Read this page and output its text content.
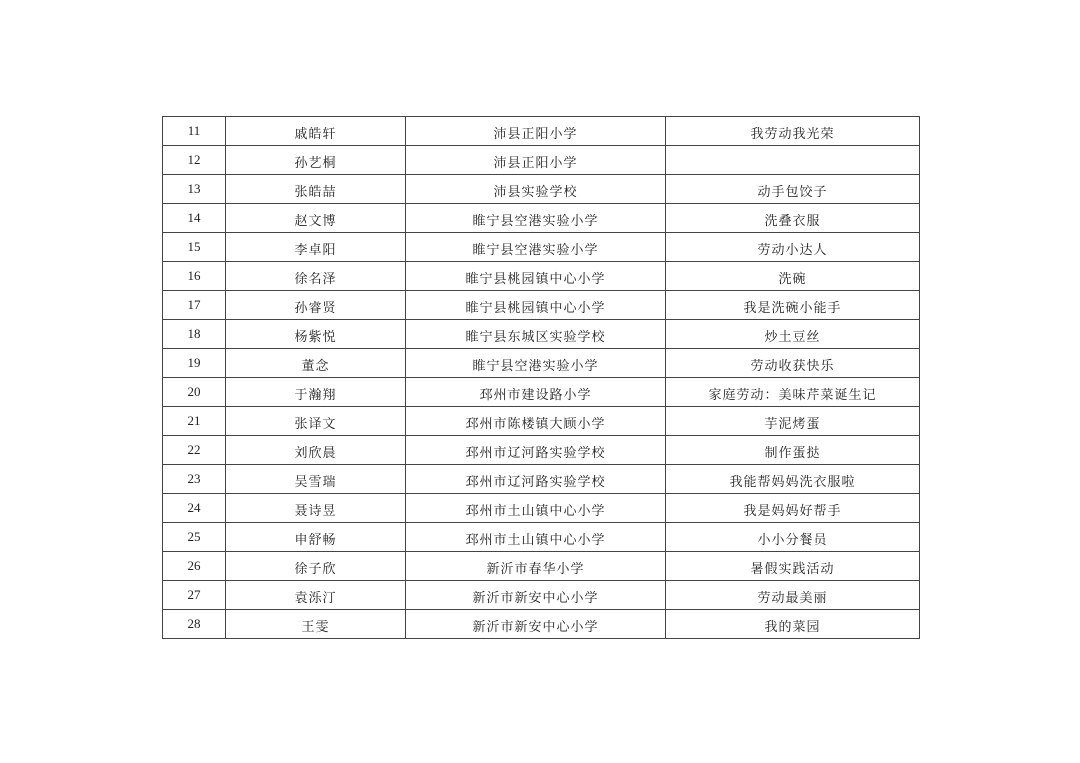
11	戚皓轩	沛县正阳小学	我劳动我光荣
12	孙艺桐	沛县正阳小学	
13	张皓喆	沛县实验学校	动手包饺子
14	赵文博	睢宁县空港实验小学	洗叠衣服
15	李卓阳	睢宁县空港实验小学	劳动小达人
16	徐名泽	睢宁县桃园镇中心小学	洗碗
17	孙睿贤	睢宁县桃园镇中心小学	我是洗碗小能手
18	杨紫悦	睢宁县东城区实验学校	炒土豆丝
19	董念	睢宁县空港实验小学	劳动收获快乐
20	于瀚翔	邳州市建设路小学	家庭劳动：美味芹菜诞生记
21	张译文	邳州市陈楼镇大顾小学	芋泥烤蛋
22	刘欣晨	邳州市辽河路实验学校	制作蛋挞
23	吴雪瑞	邳州市辽河路实验学校	我能帮妈妈洗衣服啦
24	聂诗昱	邳州市土山镇中心小学	我是妈妈好帮手
25	申舒畅	邳州市土山镇中心小学	小小分餐员
26	徐子欣	新沂市春华小学	暑假实践活动
27	袁泺汀	新沂市新安中心小学	劳动最美丽
28	王雯	新沂市新安中心小学	我的菜园
